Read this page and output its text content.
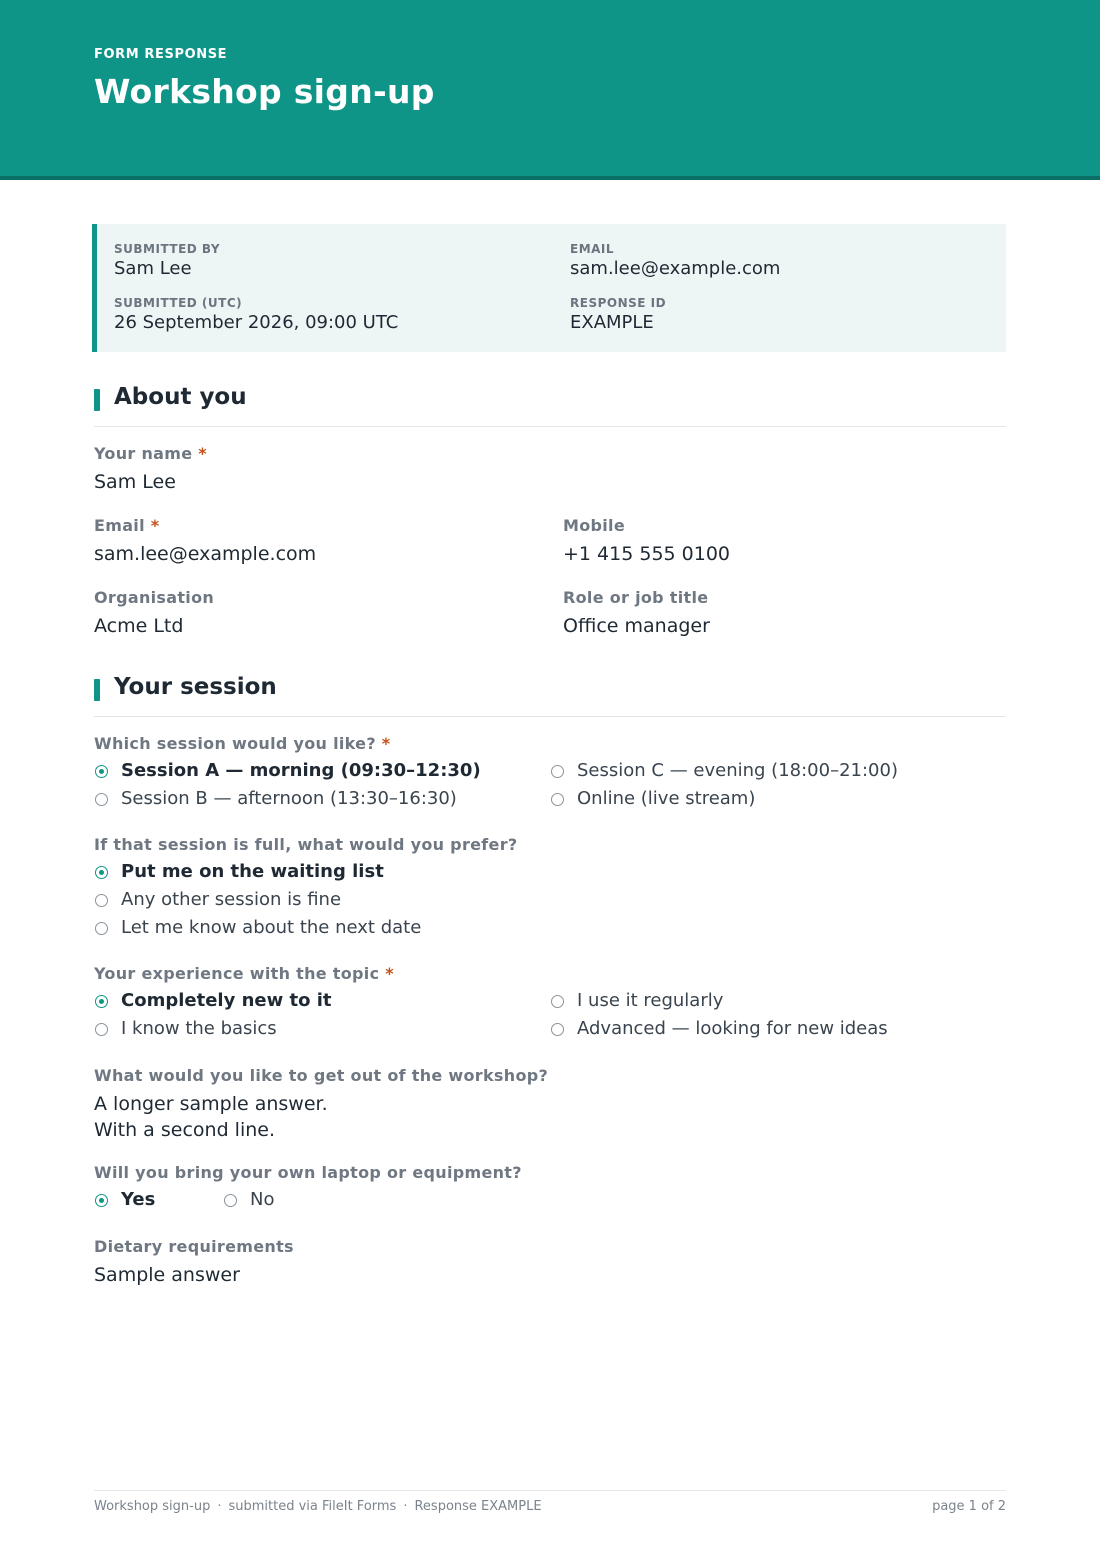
FORM RESPONSE
Workshop sign-up
SUBMITTED BY
Sam Lee
EMAIL
sam.lee@example.com
SUBMITTED (UTC)
26 September 2026, 09:00 UTC
RESPONSE ID
EXAMPLE
About you
Your name *
Sam Lee
Email *
sam.lee@example.com
Mobile
+1 415 555 0100
Organisation
Acme Ltd
Role or job title
Office manager
Your session
Which session would you like? *
Session A — morning (09:30–12:30)
Session B — afternoon (13:30–16:30)
Session C — evening (18:00–21:00)
Online (live stream)
If that session is full, what would you prefer?
Put me on the waiting list
Any other session is fine
Let me know about the next date
Your experience with the topic *
Completely new to it
I know the basics
I use it regularly
Advanced — looking for new ideas
What would you like to get out of the workshop?
A longer sample answer.
With a second line.
Will you bring your own laptop or equipment?
Yes	No
Dietary requirements
Sample answer
Workshop sign-up · submitted via FileIt Forms · Response EXAMPLE	page 1 of 2
